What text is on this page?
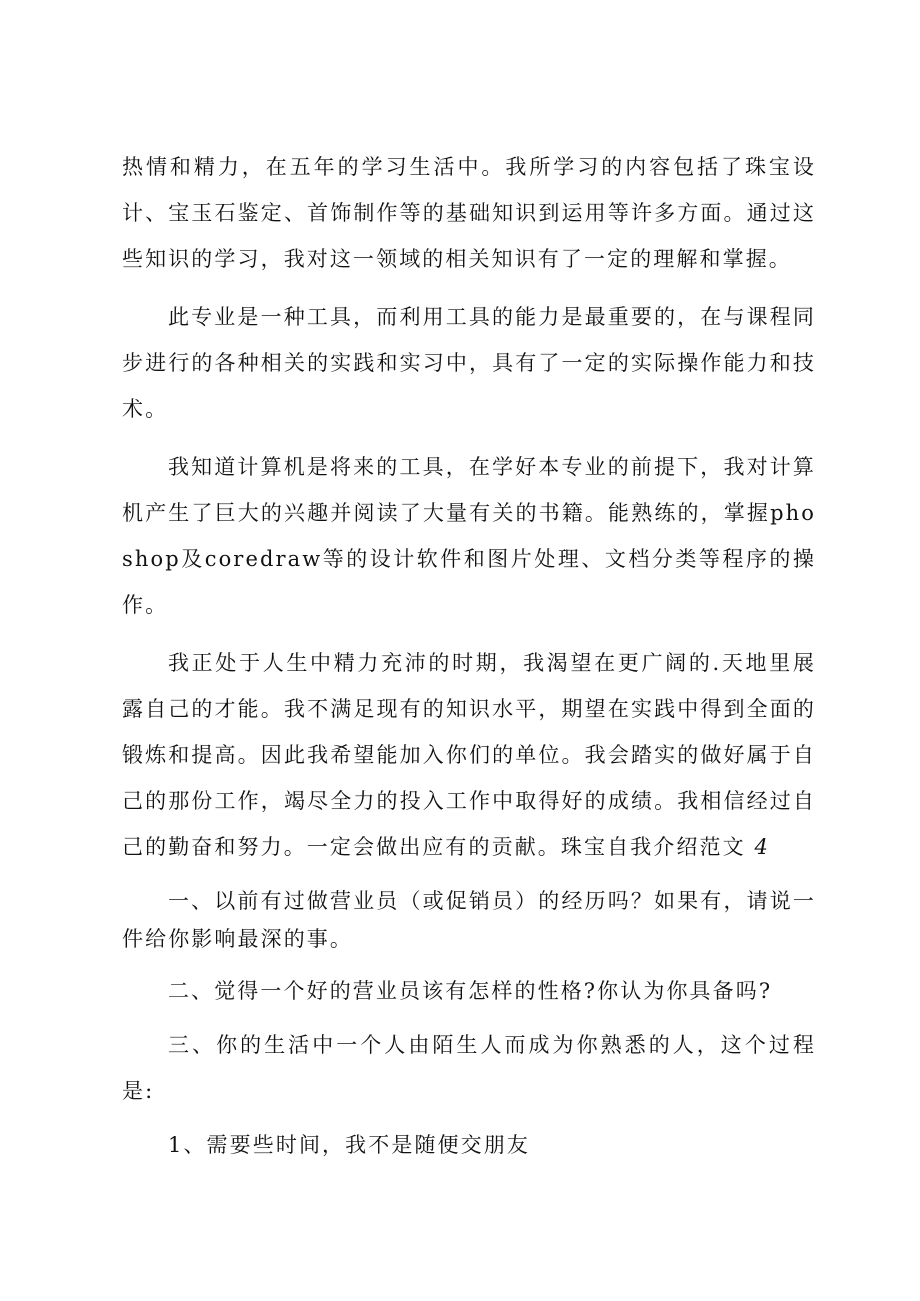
热情和精力，在五年的学习生活中。我所学习的内容包括了珠宝设计、宝玉石鉴定、首饰制作等的基础知识到运用等许多方面。通过这些知识的学习，我对这一领域的相关知识有了一定的理解和掌握。

此专业是一种工具，而利用工具的能力是最重要的，在与课程同步进行的各种相关的实践和实习中，具有了一定的实际操作能力和技术。

我知道计算机是将来的工具，在学好本专业的前提下，我对计算机产生了巨大的兴趣并阅读了大量有关的书籍。能熟练的，掌握phoshop及coredraw等的设计软件和图片处理、文档分类等程序的操作。

我正处于人生中精力充沛的时期，我渴望在更广阔的.天地里展露自己的才能。我不满足现有的知识水平，期望在实践中得到全面的锻炼和提高。因此我希望能加入你们的单位。我会踏实的做好属于自己的那份工作，竭尽全力的投入工作中取得好的成绩。我相信经过自己的勤奋和努力。一定会做出应有的贡献。珠宝自我介绍范文 4

一、以前有过做营业员（或促销员）的经历吗？如果有，请说一件给你影响最深的事。

二、觉得一个好的营业员该有怎样的性格?你认为你具备吗?

三、你的生活中一个人由陌生人而成为你熟悉的人，这个过程是:

1、需要些时间，我不是随便交朋友
